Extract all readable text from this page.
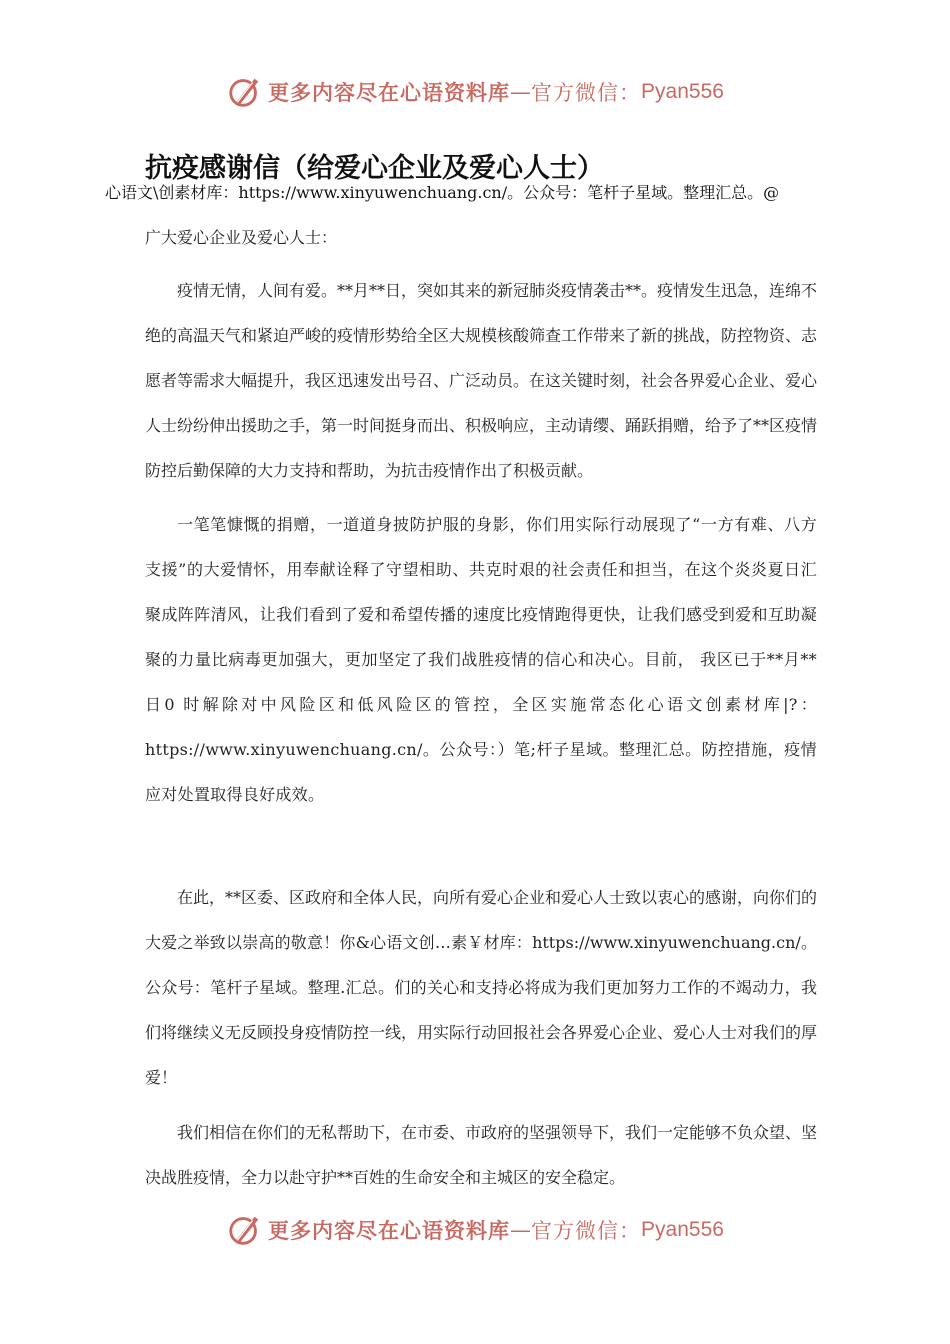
更多内容尽在心语资料库 — 官方微信： Pyan556
抗疫感谢信（给爱心企业及爱心人士）
心语文\创素材库：https://www.xinyuwenchuang.cn/。公众号：笔杆子星域。整理汇总。@
广大爱心企业及爱心人士：

疫情无情，人间有爱。**月**日，突如其来的新冠肺炎疫情袭击**。疫情发生迅急，连绵不绝的高温天气和紧迫严峻的疫情形势给全区大规模核酸筛查工作带来了新的挑战，防控物资、志愿者等需求大幅提升，我区迅速发出号召、广泛动员。在这关键时刻，社会各界爱心企业、爱心人士纷纷伸出援助之手，第一时间挺身而出、积极响应，主动请缨、踊跃捐赠，给予了**区疫情防控后勤保障的大力支持和帮助，为抗击疫情作出了积极贡献。

一笔笔慷慨的捐赠，一道道身披防护服的身影，你们用实际行动展现了“一方有难、八方支援”的大爱情怀，用奉献诠释了守望相助、共克时艰的社会责任和担当，在这个炎炎夏日汇聚成阵阵清风，让我们看到了爱和希望传播的速度比疫情跑得更快，让我们感受到爱和互助凝聚的力量比病毒更加强大，更加坚定了我们战胜疫情的信心和决心。目前， 我区已于**月**日0 时解除对中风险区和低风险区的管控，全区实施常态化心语文创素材库|?：https://www.xinyuwenchuang.cn/。公众号：）笔;杆子星域。整理汇总。防控措施，疫情应对处置取得良好成效。

在此，**区委、区政府和全体人民，向所有爱心企业和爱心人士致以衷心的感谢，向你们的大爱之举致以崇高的敬意！你&心语文创…素￥材库：https://www.xinyuwenchuang.cn/。公众号：笔杆子星域。整理.汇总。们的关心和支持必将成为我们更加努力工作的不竭动力，我们将继续义无反顾投身疫情防控一线，用实际行动回报社会各界爱心企业、爱心人士对我们的厚爱！

我们相信在你们的无私帮助下，在市委、市政府的坚强领导下，我们一定能够不负众望、坚决战胜疫情，全力以赴守护**百姓的生命安全和主城区的安全稳定。

更多内容尽在心语资料库 — 官方微信： Pyan556
